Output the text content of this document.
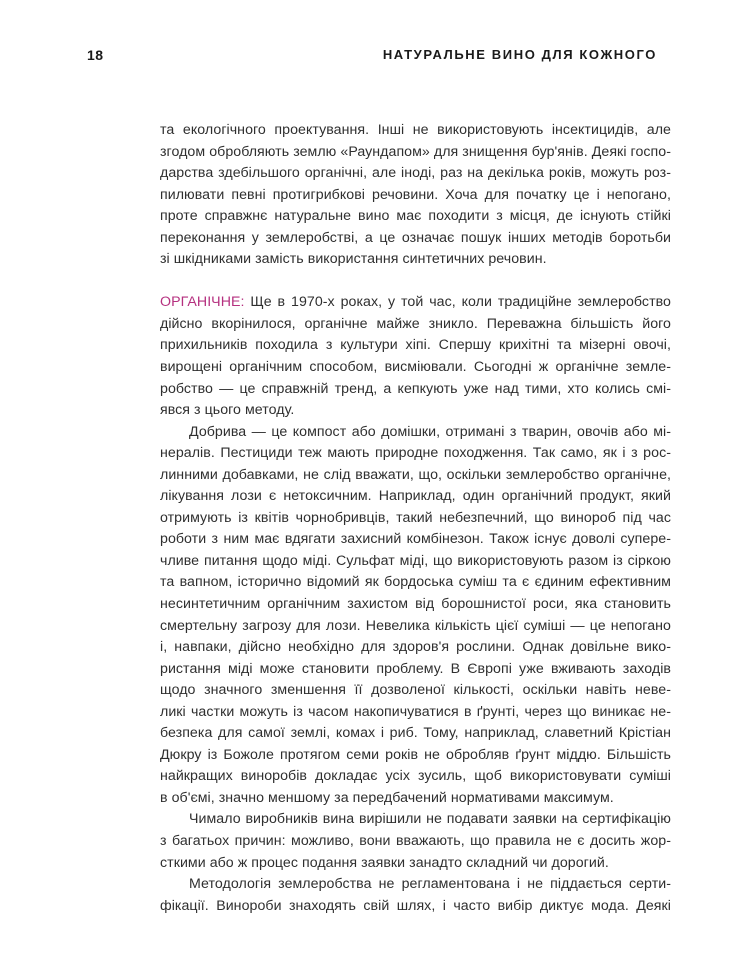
18	НАТУРАЛЬНЕ ВИНО ДЛЯ КОЖНОГО
та екологічного проектування. Інші не використовують інсектицидів, але
згодом обробляють землю «Раундапом» для знищення бур'янів. Деякі госпо-
дарства здебільшого органічні, але іноді, раз на декілька років, можуть роз-
пилювати певні протигрибкові речовини. Хоча для початку це і непогано,
проте справжнє натуральне вино має походити з місця, де існують стійкі
переконання у землеробстві, а це означає пошук інших методів боротьби
зі шкідниками замість використання синтетичних речовин.
ОРГАНІЧНЕ: Ще в 1970-х роках, у той час, коли традиційне землеробство
дійсно вкорінилося, органічне майже зникло. Переважна більшість його
прихильників походила з культури хіпі. Спершу крихітні та мізерні овочі,
вирощені органічним способом, висміювали. Сьогодні ж органічне земле-
робство — це справжній тренд, а кепкують уже над тими, хто колись смі-
явся з цього методу.
Добрива — це компост або домішки, отримані з тварин, овочів або мі-
нералів. Пестициди теж мають природне походження. Так само, як і з рос-
линними добавками, не слід вважати, що, оскільки землеробство органічне,
лікування лози є нетоксичним. Наприклад, один органічний продукт, який
отримують із квітів чорнобривців, такий небезпечний, що винороб під час
роботи з ним має вдягати захисний комбінезон. Також існує доволі супере-
чливе питання щодо міді. Сульфат міді, що використовують разом із сіркою
та вапном, історично відомий як бордоська суміш та є єдиним ефективним
несинтетичним органічним захистом від борошнистої роси, яка становить
смертельну загрозу для лози. Невелика кількість цієї суміші — це непогано
і, навпаки, дійсно необхідно для здоров'я рослини. Однак довільне вико-
ристання міді може становити проблему. В Європі уже вживають заходів
щодо значного зменшення її дозволеної кількості, оскільки навіть неве-
ликі частки можуть із часом накопичуватися в ґрунті, через що виникає не-
безпека для самої землі, комах і риб. Тому, наприклад, славетний Крістіан
Дюкру із Божоле протягом семи років не обробляв ґрунт міддю. Більшість
найкращих виноробів докладає усіх зусиль, щоб використовувати суміші
в об'ємі, значно меншому за передбачений нормативами максимум.
Чимало виробників вина вирішили не подавати заявки на сертифікацію
з багатьох причин: можливо, вони вважають, що правила не є досить жор-
сткими або ж процес подання заявки занадто складний чи дорогий.
Методологія землеробства не регламентована і не піддається серти-
фікації. Винороби знаходять свій шлях, і часто вибір диктує мода. Деякі
